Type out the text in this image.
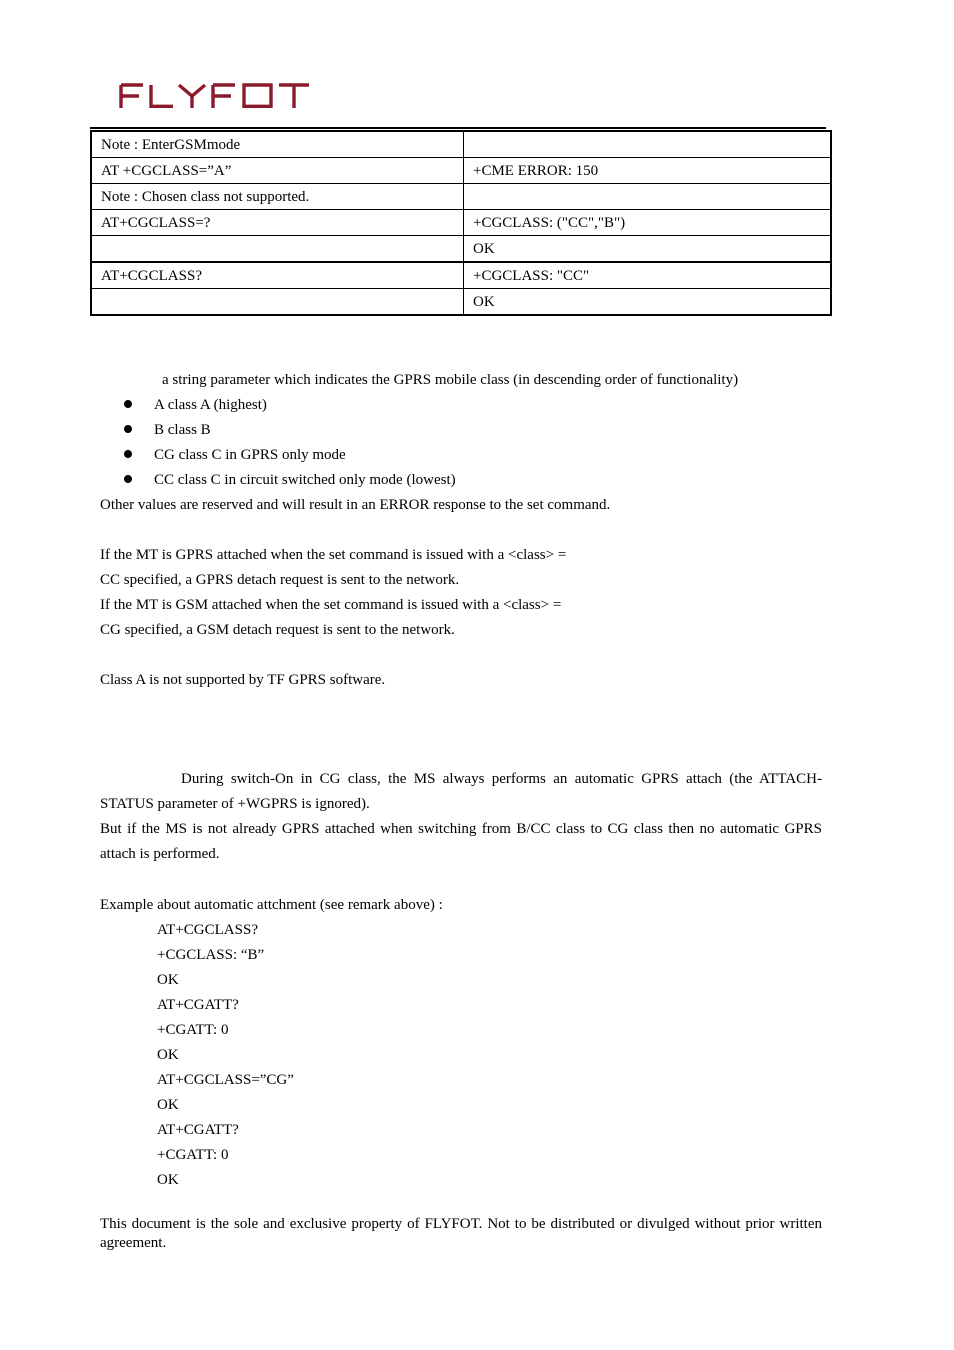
Note : EnterGSMmode	
AT +CGCLASS=”A”	+CME ERROR: 150
Note : Chosen class not supported.	
AT+CGCLASS=?	+CGCLASS: ("CC","B")
	OK
AT+CGCLASS?	+CGCLASS: "CC"
	OK
a string parameter which indicates the GPRS mobile class (in descending order of functionality)
A class A (highest)
B class B
CG class C in GPRS only mode
CC class C in circuit switched only mode (lowest)
Other values are reserved and will result in an ERROR response to the set command.
If the MT is GPRS attached when the set command is issued with a <class> =
CC specified, a GPRS detach request is sent to the network.
If the MT is GSM attached when the set command is issued with a <class> =
CG specified, a GSM detach request is sent to the network.
Class A is not supported by TF GPRS software.
During switch-On in CG class, the MS always performs an automatic GPRS attach (the ATTACH-STATUS parameter of +WGPRS is ignored).
But if the MS is not already GPRS attached when switching from B/CC class to CG class then no automatic GPRS attach is performed.
Example about automatic attchment (see remark above) :
AT+CGCLASS?
+CGCLASS: “B”
OK
AT+CGATT?
+CGATT: 0
OK
AT+CGCLASS=”CG”
OK
AT+CGATT?
+CGATT: 0
OK
This document is the sole and exclusive property of FLYFOT. Not to be distributed or divulged without prior written agreement.
